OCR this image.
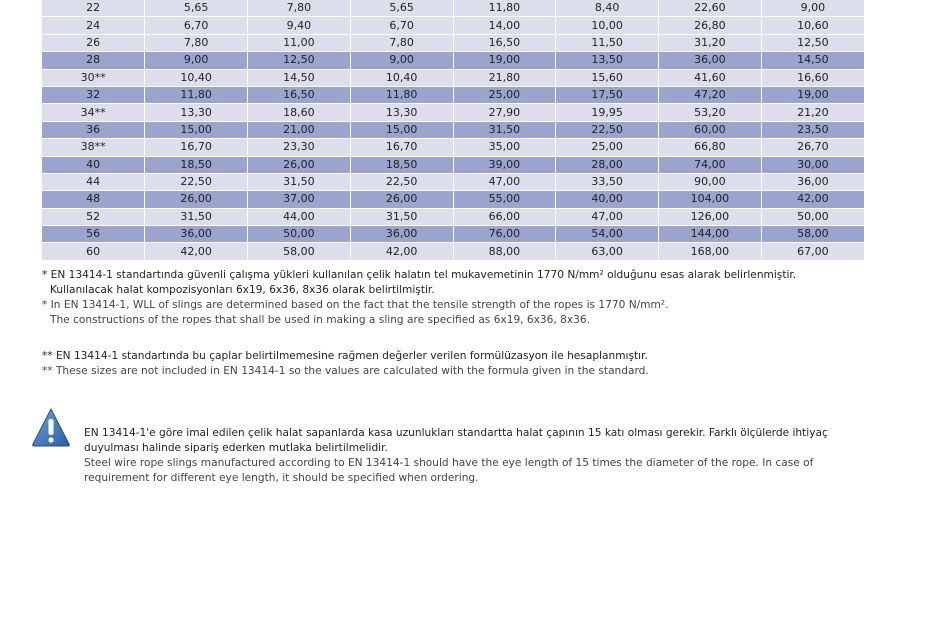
22	5,65	7,80	5,65	11,80	8,40	22,60	9,00
24	6,70	9,40	6,70	14,00	10,00	26,80	10,60
26	7,80	11,00	7,80	16,50	11,50	31,20	12,50
28	9,00	12,50	9,00	19,00	13,50	36,00	14,50
30**	10,40	14,50	10,40	21,80	15,60	41,60	16,60
32	11,80	16,50	11,80	25,00	17,50	47,20	19,00
34**	13,30	18,60	13,30	27,90	19,95	53,20	21,20
36	15,00	21,00	15,00	31,50	22,50	60,00	23,50
38**	16,70	23,30	16,70	35,00	25,00	66,80	26,70
40	18,50	26,00	18,50	39,00	28,00	74,00	30,00
44	22,50	31,50	22,50	47,00	33,50	90,00	36,00
48	26,00	37,00	26,00	55,00	40,00	104,00	42,00
52	31,50	44,00	31,50	66,00	47,00	126,00	50,00
56	36,00	50,00	36,00	76,00	54,00	144,00	58,00
60	42,00	58,00	42,00	88,00	63,00	168,00	67,00
* EN 13414-1 standartında güvenli çalışma yükleri kullanılan çelik halatın tel mukavemetinin 1770 N/mm² olduğunu esas alarak belirlenmiştir.
Kullanılacak halat kompozisyonları 6x19, 6x36, 8x36 olarak belirtilmiştir.
* In EN 13414-1, WLL of slings are determined based on the fact that the tensile strength of the ropes is 1770 N/mm².
The constructions of the ropes that shall be used in making a sling are specified as 6x19, 6x36, 8x36.
** EN 13414-1 standartında bu çaplar belirtilmemesine rağmen değerler verilen formülüzasyon ile hesaplanmıştır.
** These sizes are not included in EN 13414-1 so the values are calculated with the formula given in the standard.
EN 13414-1'e göre imal edilen çelik halat sapanlarda kasa uzunlukları standartta halat çapının 15 katı olması gerekir. Farklı ölçülerde ihtiyaç
duyulması halinde sipariş ederken mutlaka belirtilmelidir.
Steel wire rope slings manufactured according to EN 13414-1 should have the eye length of 15 times the diameter of the rope. In case of
requirement for different eye length, it should be specified when ordering.
